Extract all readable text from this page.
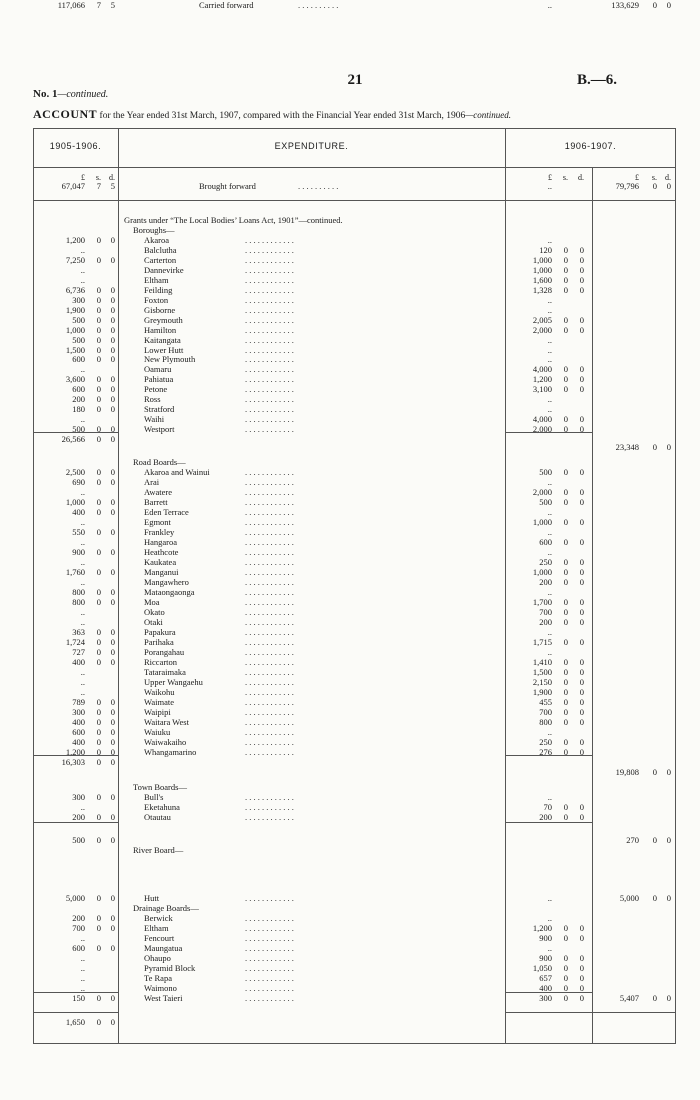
21	B.—6.
No. 1—continued.
ACCOUNT for the Year ended 31st March, 1907, compared with the Financial Year ended 31st March, 1906—continued.
1905-1906.	EXPENDITURE.	1906-1907.
£	s.	d.	£	s.	d.	£	s.	d.
67,047	7	5	Brought forward	. . . . . . . . . .	..	79,796	0	0
Grants under “The Local Bodies’ Loans Act, 1901”—continued.
Boroughs—
1,200	0	0	Akaroa	. . . . . . . . . . . .	..
..	Balclutha	. . . . . . . . . . . .	120	0	0
7,250	0	0	Carterton	. . . . . . . . . . . .	1,000	0	0
..	Dannevirke	. . . . . . . . . . . .	1,000	0	0
..	Eltham	. . . . . . . . . . . .	1,600	0	0
6,736	0	0	Feilding	. . . . . . . . . . . .	1,328	0	0
300	0	0	Foxton	. . . . . . . . . . . .	..
1,900	0	0	Gisborne	. . . . . . . . . . . .	..
500	0	0	Greymouth	. . . . . . . . . . . .	2,005	0	0
1,000	0	0	Hamilton	. . . . . . . . . . . .	2,000	0	0
500	0	0	Kaitangata	. . . . . . . . . . . .	..
1,500	0	0	Lower Hutt	. . . . . . . . . . . .	..
600	0	0	New Plymouth	. . . . . . . . . . . .	..
..	Oamaru	. . . . . . . . . . . .	4,000	0	0
3,600	0	0	Pahiatua	. . . . . . . . . . . .	1,200	0	0
600	0	0	Petone	. . . . . . . . . . . .	3,100	0	0
200	0	0	Ross	. . . . . . . . . . . .	..
180	0	0	Stratford	. . . . . . . . . . . .	..
..	Waihi	. . . . . . . . . . . .	4,000	0	0
500	0	0	Westport	. . . . . . . . . . . .	2,000	0	0
26,566	0	0
23,348	0	0
Road Boards—
2,500	0	0	Akaroa and Wainui	. . . . . . . . . . . .	500	0	0
690	0	0	Arai	. . . . . . . . . . . .	..
..	Awatere	. . . . . . . . . . . .	2,000	0	0
1,000	0	0	Barrett	. . . . . . . . . . . .	500	0	0
400	0	0	Eden Terrace	. . . . . . . . . . . .	..
..	Egmont	. . . . . . . . . . . .	1,000	0	0
550	0	0	Frankley	. . . . . . . . . . . .	..
..	Hangaroa	. . . . . . . . . . . .	600	0	0
900	0	0	Heathcote	. . . . . . . . . . . .	..
..	Kaukatea	. . . . . . . . . . . .	250	0	0
1,760	0	0	Manganui	. . . . . . . . . . . .	1,000	0	0
..	Mangawhero	. . . . . . . . . . . .	200	0	0
800	0	0	Mataongaonga	. . . . . . . . . . . .	..
800	0	0	Moa	. . . . . . . . . . . .	1,700	0	0
..	Okato	. . . . . . . . . . . .	700	0	0
..	Otaki	. . . . . . . . . . . .	200	0	0
363	0	0	Papakura	. . . . . . . . . . . .	..
1,724	0	0	Parihaka	. . . . . . . . . . . .	1,715	0	0
727	0	0	Porangahau	. . . . . . . . . . . .	..
400	0	0	Riccarton	. . . . . . . . . . . .	1,410	0	0
..	Tataraimaka	. . . . . . . . . . . .	1,500	0	0
..	Upper Wangaehu	. . . . . . . . . . . .	2,150	0	0
..	Waikohu	. . . . . . . . . . . .	1,900	0	0
789	0	0	Waimate	. . . . . . . . . . . .	455	0	0
300	0	0	Waipipi	. . . . . . . . . . . .	700	0	0
400	0	0	Waitara West	. . . . . . . . . . . .	800	0	0
600	0	0	Waiuku	. . . . . . . . . . . .	..
400	0	0	Waiwakaiho	. . . . . . . . . . . .	250	0	0
1,200	0	0	Whangamarino	. . . . . . . . . . . .	276	0	0
16,303	0	0
19,808	0	0
Town Boards—
300	0	0	Bull's	. . . . . . . . . . . .	..
..	Eketahuna	. . . . . . . . . . . .	70	0	0
200	0	0	Otautau	. . . . . . . . . . . .	200	0	0
500	0	0	270	0	0
River Board—
5,000	0	0	Hutt	. . . . . . . . . . . .	..	5,000	0	0
Drainage Boards—
200	0	0	Berwick	. . . . . . . . . . . .	..
700	0	0	Eltham	. . . . . . . . . . . .	1,200	0	0
..	Fencourt	. . . . . . . . . . . .	900	0	0
600	0	0	Maungatua	. . . . . . . . . . . .	..
..	Ohaupo	. . . . . . . . . . . .	900	0	0
..	Pyramid Block	. . . . . . . . . . . .	1,050	0	0
..	Te Rapa	. . . . . . . . . . . .	657	0	0
..	Waimono	. . . . . . . . . . . .	400	0	0
150	0	0	West Taieri	. . . . . . . . . . . .	300	0	0	5,407	0	0
1,650	0	0
117,066	7	5	Carried forward	. . . . . . . . . .	..	133,629	0	0
